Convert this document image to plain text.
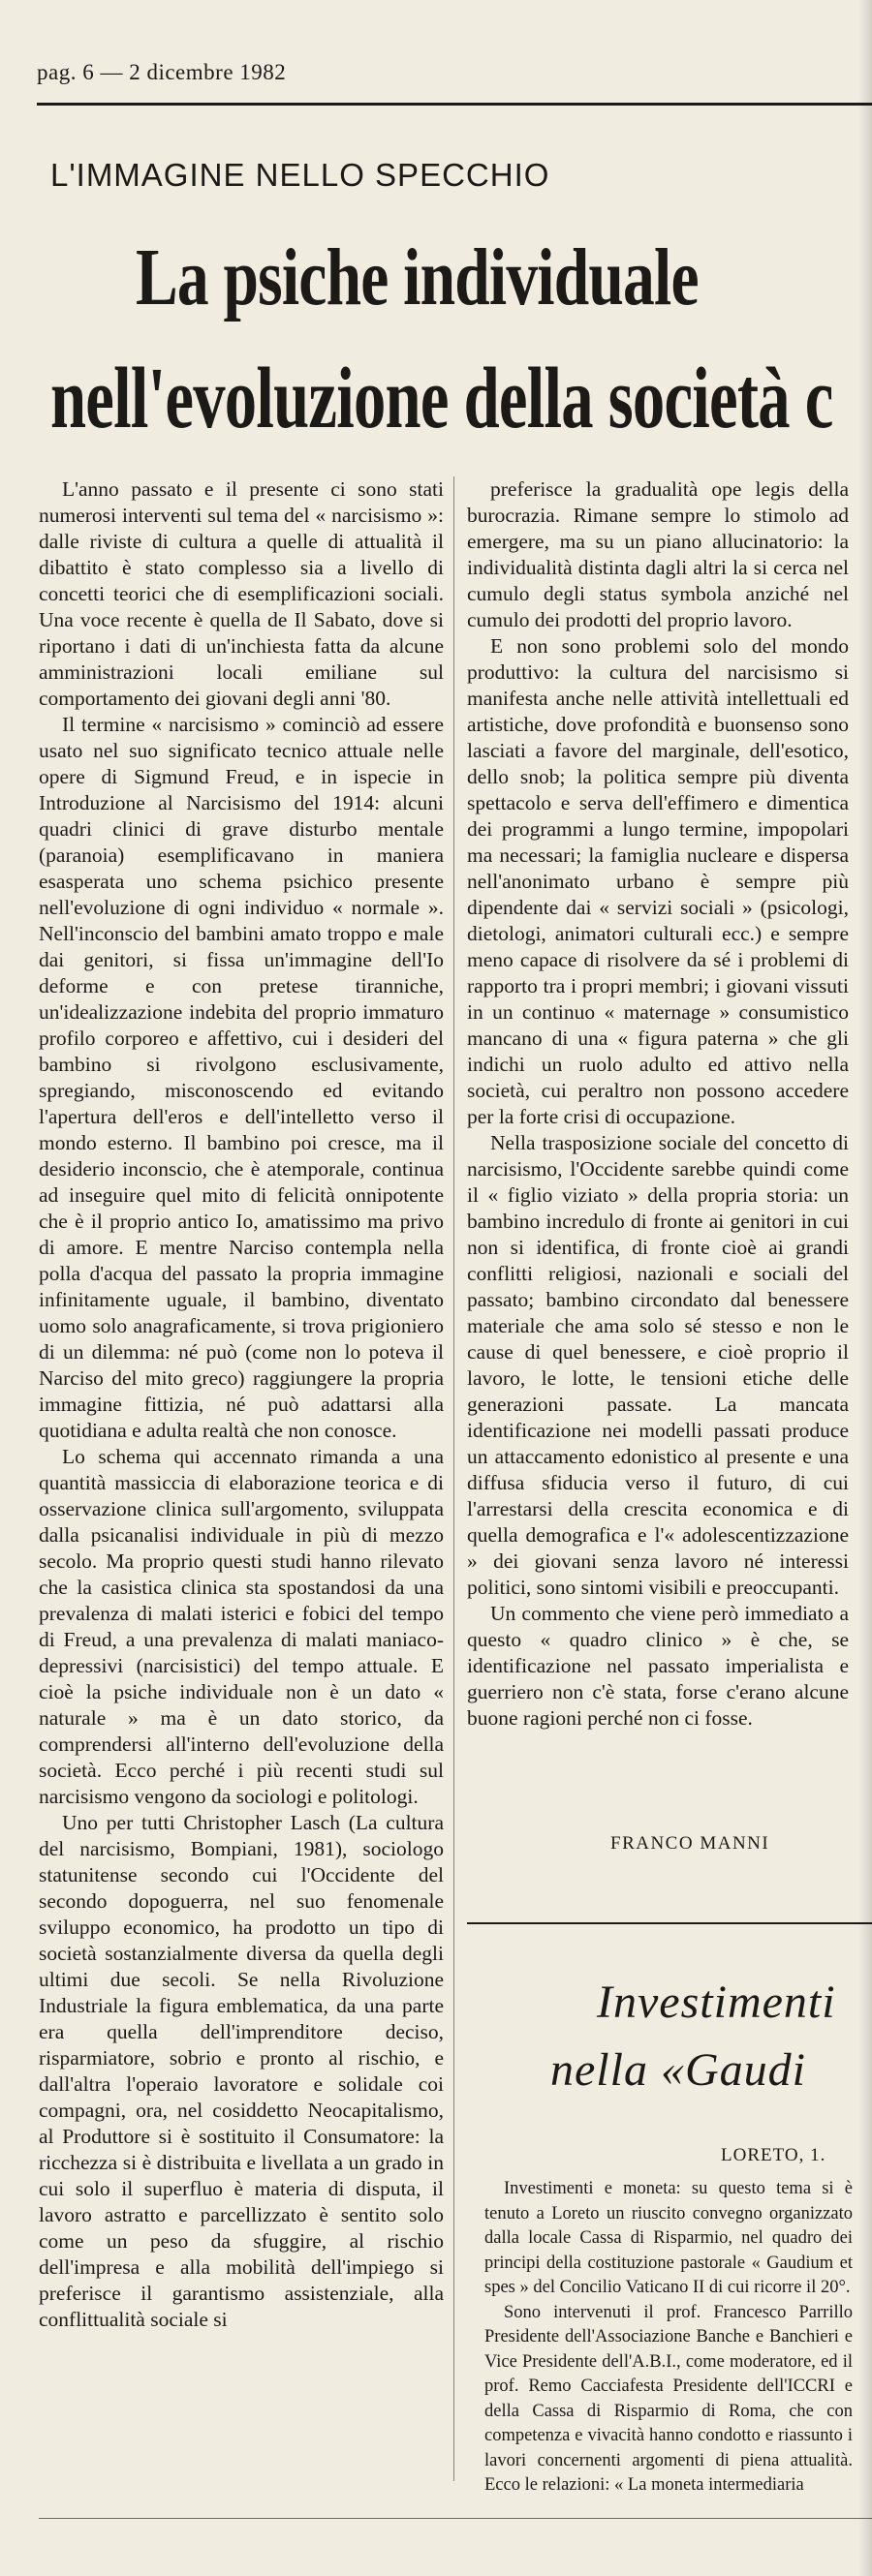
pag. 6 — 2 dicembre 1982
L'IMMAGINE NELLO SPECCHIO
La psiche individuale
nell'evoluzione della società c

L'anno passato e il presente ci sono stati numerosi interventi sul tema del « narcisismo »: dalle riviste di cultura a quelle di attualità il dibattito è stato complesso sia a livello di concetti teorici che di esemplificazioni sociali. Una voce recente è quella de Il Sabato, dove si riportano i dati di un'inchiesta fatta da alcune amministrazioni locali emiliane sul comportamento dei giovani degli anni '80.

Il termine « narcisismo » cominciò ad essere usato nel suo significato tecnico attuale nelle opere di Sigmund Freud, e in ispecie in Introduzione al Narcisismo del 1914: alcuni quadri clinici di grave disturbo mentale (paranoia) esemplificavano in maniera esasperata uno schema psichico presente nell'evoluzione di ogni individuo « normale ». Nell'inconscio del bambini amato troppo e male dai genitori, si fissa un'immagine dell'Io deforme e con pretese tiranniche, un'idealizzazione indebita del proprio immaturo profilo corporeo e affettivo, cui i desideri del bambino si rivolgono esclusivamente, spregiando, misconoscendo ed evitando l'apertura dell'eros e dell'intelletto verso il mondo esterno. Il bambino poi cresce, ma il desiderio inconscio, che è atemporale, continua ad inseguire quel mito di felicità onnipotente che è il proprio antico Io, amatissimo ma privo di amore. E mentre Narciso contempla nella polla d'acqua del passato la propria immagine infinitamente uguale, il bambino, diventato uomo solo anagraficamente, si trova prigioniero di un dilemma: né può (come non lo poteva il Narciso del mito greco) raggiungere la propria immagine fittizia, né può adattarsi alla quotidiana e adulta realtà che non conosce.

Lo schema qui accennato rimanda a una quantità massiccia di elaborazione teorica e di osservazione clinica sull'argomento, sviluppata dalla psicanalisi individuale in più di mezzo secolo. Ma proprio questi studi hanno rilevato che la casistica clinica sta spostandosi da una prevalenza di malati isterici e fobici del tempo di Freud, a una prevalenza di malati maniaco-depressivi (narcisistici) del tempo attuale. E cioè la psiche individuale non è un dato « naturale » ma è un dato storico, da comprendersi all'interno dell'evoluzione della società. Ecco perché i più recenti studi sul narcisismo vengono da sociologi e politologi.

Uno per tutti Christopher Lasch (La cultura del narcisismo, Bompiani, 1981), sociologo statunitense secondo cui l'Occidente del secondo dopoguerra, nel suo fenomenale sviluppo economico, ha prodotto un tipo di società sostanzialmente diversa da quella degli ultimi due secoli. Se nella Rivoluzione Industriale la figura emblematica, da una parte era quella dell'imprenditore deciso, risparmiatore, sobrio e pronto al rischio, e dall'altra l'operaio lavoratore e solidale coi compagni, ora, nel cosiddetto Neocapitalismo, al Produttore si è sostituito il Consumatore: la ricchezza si è distribuita e livellata a un grado in cui solo il superfluo è materia di disputa, il lavoro astratto e parcellizzato è sentito solo come un peso da sfuggire, al rischio dell'impresa e alla mobilità dell'impiego si preferisce il garantismo assistenziale, alla conflittualità sociale si

preferisce la gradualità ope legis della burocrazia. Rimane sempre lo stimolo ad emergere, ma su un piano allucinatorio: la individualità distinta dagli altri la si cerca nel cumulo degli status symbola anziché nel cumulo dei prodotti del proprio lavoro.

E non sono problemi solo del mondo produttivo: la cultura del narcisismo si manifesta anche nelle attività intellettuali ed artistiche, dove profondità e buonsenso sono lasciati a favore del marginale, dell'esotico, dello snob; la politica sempre più diventa spettacolo e serva dell'effimero e dimentica dei programmi a lungo termine, impopolari ma necessari; la famiglia nucleare e dispersa nell'anonimato urbano è sempre più dipendente dai « servizi sociali » (psicologi, dietologi, animatori culturali ecc.) e sempre meno capace di risolvere da sé i problemi di rapporto tra i propri membri; i giovani vissuti in un continuo « maternage » consumistico mancano di una « figura paterna » che gli indichi un ruolo adulto ed attivo nella società, cui peraltro non possono accedere per la forte crisi di occupazione.

Nella trasposizione sociale del concetto di narcisismo, l'Occidente sarebbe quindi come il « figlio viziato » della propria storia: un bambino incredulo di fronte ai genitori in cui non si identifica, di fronte cioè ai grandi conflitti religiosi, nazionali e sociali del passato; bambino circondato dal benessere materiale che ama solo sé stesso e non le cause di quel benessere, e cioè proprio il lavoro, le lotte, le tensioni etiche delle generazioni passate. La mancata identificazione nei modelli passati produce un attaccamento edonistico al presente e una diffusa sfiducia verso il futuro, di cui l'arrestarsi della crescita economica e di quella demografica e l'« adolescentizzazione » dei giovani senza lavoro né interessi politici, sono sintomi visibili e preoccupanti.

Un commento che viene però immediato a questo « quadro clinico » è che, se identificazione nel passato imperialista e guerriero non c'è stata, forse c'erano alcune buone ragioni perché non ci fosse.

FRANCO MANNI
Investimenti
nella «Gaudi
LORETO, 1.

Investimenti e moneta: su questo tema si è tenuto a Loreto un riuscito convegno organizzato dalla locale Cassa di Risparmio, nel quadro dei principi della costituzione pastorale « Gaudium et spes » del Concilio Vaticano II di cui ricorre il 20°.

Sono intervenuti il prof. Francesco Parrillo Presidente dell'Associazione Banche e Banchieri e Vice Presidente dell'A.B.I., come moderatore, ed il prof. Remo Cacciafesta Presidente dell'ICCRI e della Cassa di Risparmio di Roma, che con competenza e vivacità hanno condotto e riassunto i lavori concernenti argomenti di piena attualità. Ecco le relazioni: « La moneta intermediaria
